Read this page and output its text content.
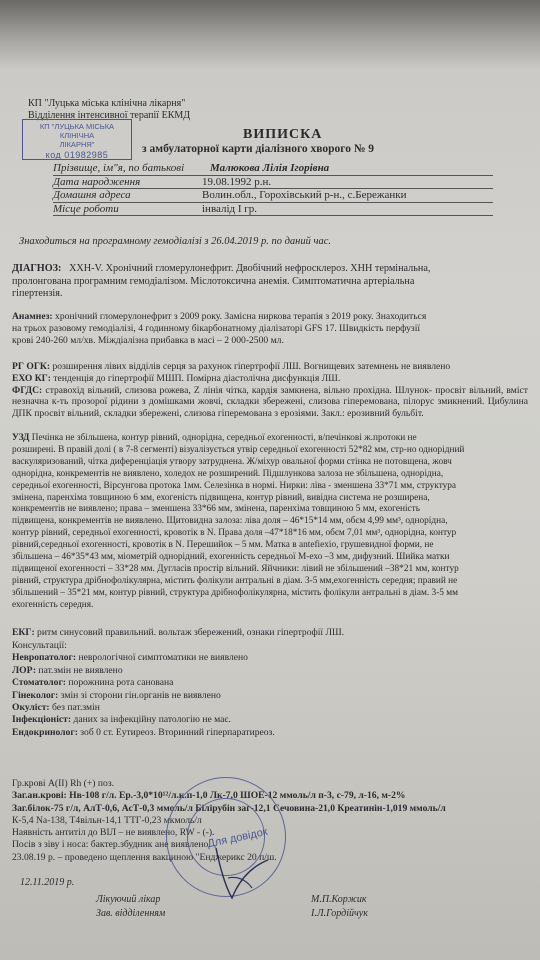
КП "Луцька міська клінічна лікарня"
Відділення інтенсивної терапії ЕКМД
КП "ЛУЦЬКА МІСЬКА КЛІНІЧНА
ЛІКАРНЯ"
код 01982985
ВИПИСКА
з амбулаторної карти діалізного хворого № 9
Прізвище, ім"я, по батькові Малюкова Лілія Ігорівна
Дата народження	19.08.1992 р.н.
Домашня адреса	Волин.обл., Горохівський р-н., с.Бережанки
Місце роботи	інвалід І гр.
Знаходиться на програмному гемодіалізі з 26.04.2019 р. по даний час.
ДІАГНОЗ: ХХН-V. Хронічний гломерулонефрит. Двобічний нефросклероз. ХНН термінальна,
пролонгована програмним гемодіалізом. Міслотоксична анемія. Симптоматична артеріальна
гіпертензія.
Анамнез: хронічний гломерулонефрит з 2009 року. Замісна ниркова терапія з 2019 року. Знаходиться
на трьох разовому гемодіалізі, 4 годинному бікарбонатному діалізаторі GFS 17. Швидкість перфузії
крові 240-260 мл/хв. Міждіалізна прибавка в масі – 2 000-2500 мл.
РГ ОГК: розширення лівих відділів серця за рахунок гіпертрофії ЛШ. Вогнищевих затемнень не виявлено
ЕХО КГ: тенденція до гіпертрофії МШП. Помірна діастолічна дисфункція ЛШ.
ФГДС: стравохід вільний, слизова рожева, Z лінія чітка, кардія замкнена, вільно прохідна. Шлунок- просвіт вільний, вміст незначна к-ть прозорої рідини з домішками жовчі, складки збережені, слизова гіперемована, пілорус змикнений. Цибулина ДПК просвіт вільний, складки збережені, слизова гіперемована з ерозіями. Закл.: ерозивний бульбіт.
УЗД Печінка не збільшена, контур рівний, однорідна, середньої ехогенності, в/печінкові ж.протоки не
розширені. В правій долі ( в 7-8 сегменті) візуалізується утвір середньої ехогенності 52*82 мм, стр-но однорідний
васкуляризований, чітка диференціація утвору затруднена. Ж/міхур овальної форми стінка не потовщена, жовч
однорідна, конкрементів не виявлено, холедох не розширений. Підшлункова залоза не збільшена, однорідна,
середньої ехогенності, Вірсунгова протока 1мм. Селезінка в нормі. Нирки: ліва - зменшена 33*71 мм, структура
змінена, паренхіма товщиною 6 мм, ехогеність підвищена, контур рівний, вивідна система не розширена,
конкрементів не виявлено; права – зменшена 33*66 мм, змінена, паренхіма товщиною 5 мм, ехогеність
підвищена, конкрементів не виявлено. Щитовидна залоза: ліва доля – 46*15*14 мм, обєм 4,99 мм³, однорідна,
контур рівний, середньої ехогенності, кровотік в N. Права доля –47*18*16 мм, обєм 7,01 мм³, однорідна, контур
рівний,середньої ехогенності, кровотік в N. Перешийок – 5 мм. Матка в antefiexio, грушевидної форми, не
збільшена – 46*35*43 мм, міометрій однорідний, ехогенність середньої М-ехо –3 мм, дифузний. Шийка матки
підвищеної ехогенності – 33*28 мм. Дугласів простір вільний. Яйчники: лівий не збільшений –38*21 мм, контур
рівний, структура дрібнофолікулярна, містить фолікули антральні в діам. 3-5 мм,ехогенність середня; правий не
збільшений – 35*21 мм, контур рівний, структура дрібнофолікулярна, містить фолікули антральні в діам. 3-5 мм
ехогенність середня.
ЕКГ: ритм синусовий правильний. вольтаж збережений, ознаки гіпертрофії ЛШ.
Консультації:
Невропатолог: неврологічної симптоматики не виявлено
ЛОР: пат.змін не виявлено
Стоматолог: порожнина рота санована
Гінеколог: змін зі сторони гін.органів не виявлено
Окуліст: без пат.змін
Інфекціоніст: даних за інфекційну патологію не має.
Ендокринолог: зоб 0 ст. Еутиреоз. Вторинний гіперпаратиреоз.
Гр.крові А(ІІ) Rh (+) поз.
Заг.ан.крові: Нв-108 г/л. Ер.-3,0*10¹²/л.к.п-1,0 Лк-7,0 ШОЕ-12 ммоль/л п-3, с-79, л-16, м-2%
Заг.білок-75 г/л, АлТ-0,6, АсТ-0,3 ммоль/л Білірубін заг-12,1 Сечовина-21,0 Креатинін-1,019 ммоль/л
К-5,4 Na-138, Т4вільн-14,1 ТТГ-0,23 мкмоль/л
Наявність антитіл до ВІЛ – не виявлено, RW - (-).
Посів з зіву і носа: бактер.збудник ане виявлено
23.08.19 р. – проведено щеплення вакциною "Енджерикс 20 п/ш.
Для довідок
12.11.2019 р.
Лікуючий лікар
Зав. відділенням
М.П.Коржик
І.Л.Гордійчук
